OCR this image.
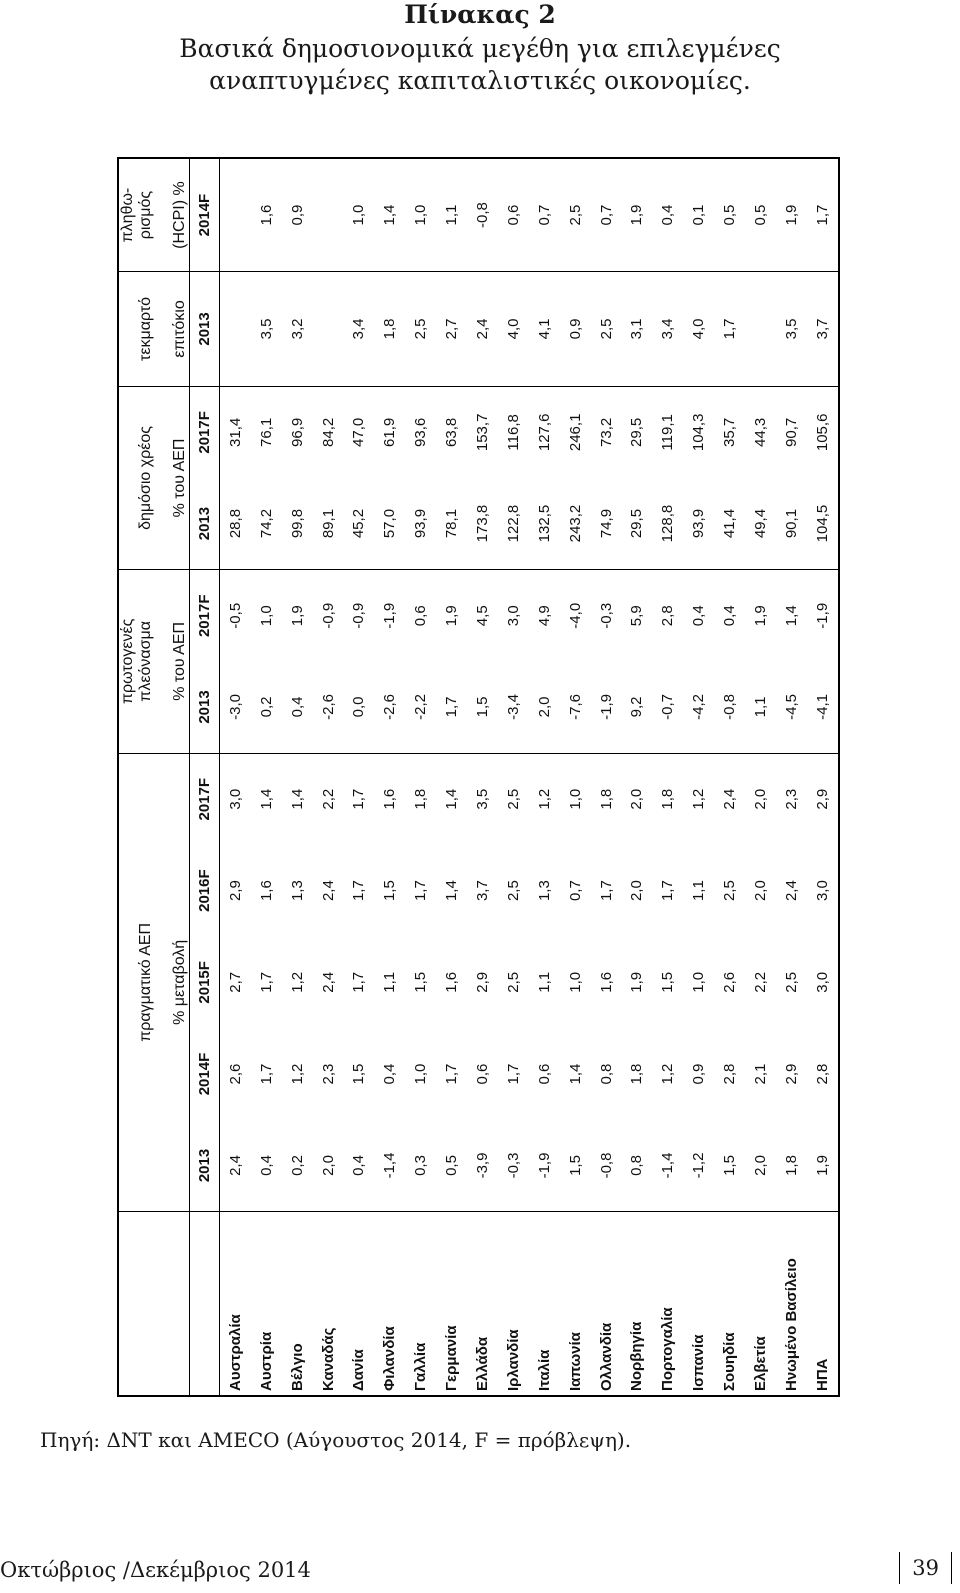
Πίνακας 2
Βασικά δημοσιονομικά μεγέθη για επιλεγμένες
αναπτυγμένες καπιταλιστικές οικονομίες.
	πραγματικό ΑΕΠ					πρωτογενές
πλεόνασμα		δημόσιο χρέος		τεκμαρτό	πληθω-
ρισμός
	% μεταβολή					% του ΑΕΠ		% του ΑΕΠ		επιτόκιο	(HCPI) %
	2013	2014F	2015F	2016F	2017F	2013	2017F	2013	2017F	2013	2014F
Αυστραλία	2,4	2,6	2,7	2,9	3,0	-3,0	-0,5	28,8	31,4		
Αυστρία	0,4	1,7	1,7	1,6	1,4	0,2	1,0	74,2	76,1	3,5	1,6
Βέλγιο	0,2	1,2	1,2	1,3	1,4	0,4	1,9	99,8	96,9	3,2	0,9
Καναδάς	2,0	2,3	2,4	2,4	2,2	-2,6	-0,9	89,1	84,2		
Δανία	0,4	1,5	1,7	1,7	1,7	0,0	-0,9	45,2	47,0	3,4	1,0
Φιλανδία	-1,4	0,4	1,1	1,5	1,6	-2,6	-1,9	57,0	61,9	1,8	1,4
Γαλλία	0,3	1,0	1,5	1,7	1,8	-2,2	0,6	93,9	93,6	2,5	1,0
Γερμανία	0,5	1,7	1,6	1,4	1,4	1,7	1,9	78,1	63,8	2,7	1,1
Ελλάδα	-3,9	0,6	2,9	3,7	3,5	1,5	4,5	173,8	153,7	2,4	-0,8
Ιρλανδία	-0,3	1,7	2,5	2,5	2,5	-3,4	3,0	122,8	116,8	4,0	0,6
Ιταλία	-1,9	0,6	1,1	1,3	1,2	2,0	4,9	132,5	127,6	4,1	0,7
Ιαπωνία	1,5	1,4	1,0	0,7	1,0	-7,6	-4,0	243,2	246,1	0,9	2,5
Ολλανδία	-0,8	0,8	1,6	1,7	1,8	-1,9	-0,3	74,9	73,2	2,5	0,7
Νορβηγία	0,8	1,8	1,9	2,0	2,0	9,2	5,9	29,5	29,5	3,1	1,9
Πορτογαλία	-1,4	1,2	1,5	1,7	1,8	-0,7	2,8	128,8	119,1	3,4	0,4
Ισπανία	-1,2	0,9	1,0	1,1	1,2	-4,2	0,4	93,9	104,3	4,0	0,1
Σουηδία	1,5	2,8	2,6	2,5	2,4	-0,8	0,4	41,4	35,7	1,7	0,5
Ελβετία	2,0	2,1	2,2	2,0	2,0	1,1	1,9	49,4	44,3		0,5
Ηνωμένο Βασίλειο	1,8	2,9	2,5	2,4	2,3	-4,5	1,4	90,1	90,7	3,5	1,9
ΗΠΑ	1,9	2,8	3,0	3,0	2,9	-4,1	-1,9	104,5	105,6	3,7	1,7
Πηγή: ΔΝΤ και AMECO (Αύγουστος 2014, F = πρόβλεψη).
Οκτώβριος /Δεκέμβριος 2014	39
